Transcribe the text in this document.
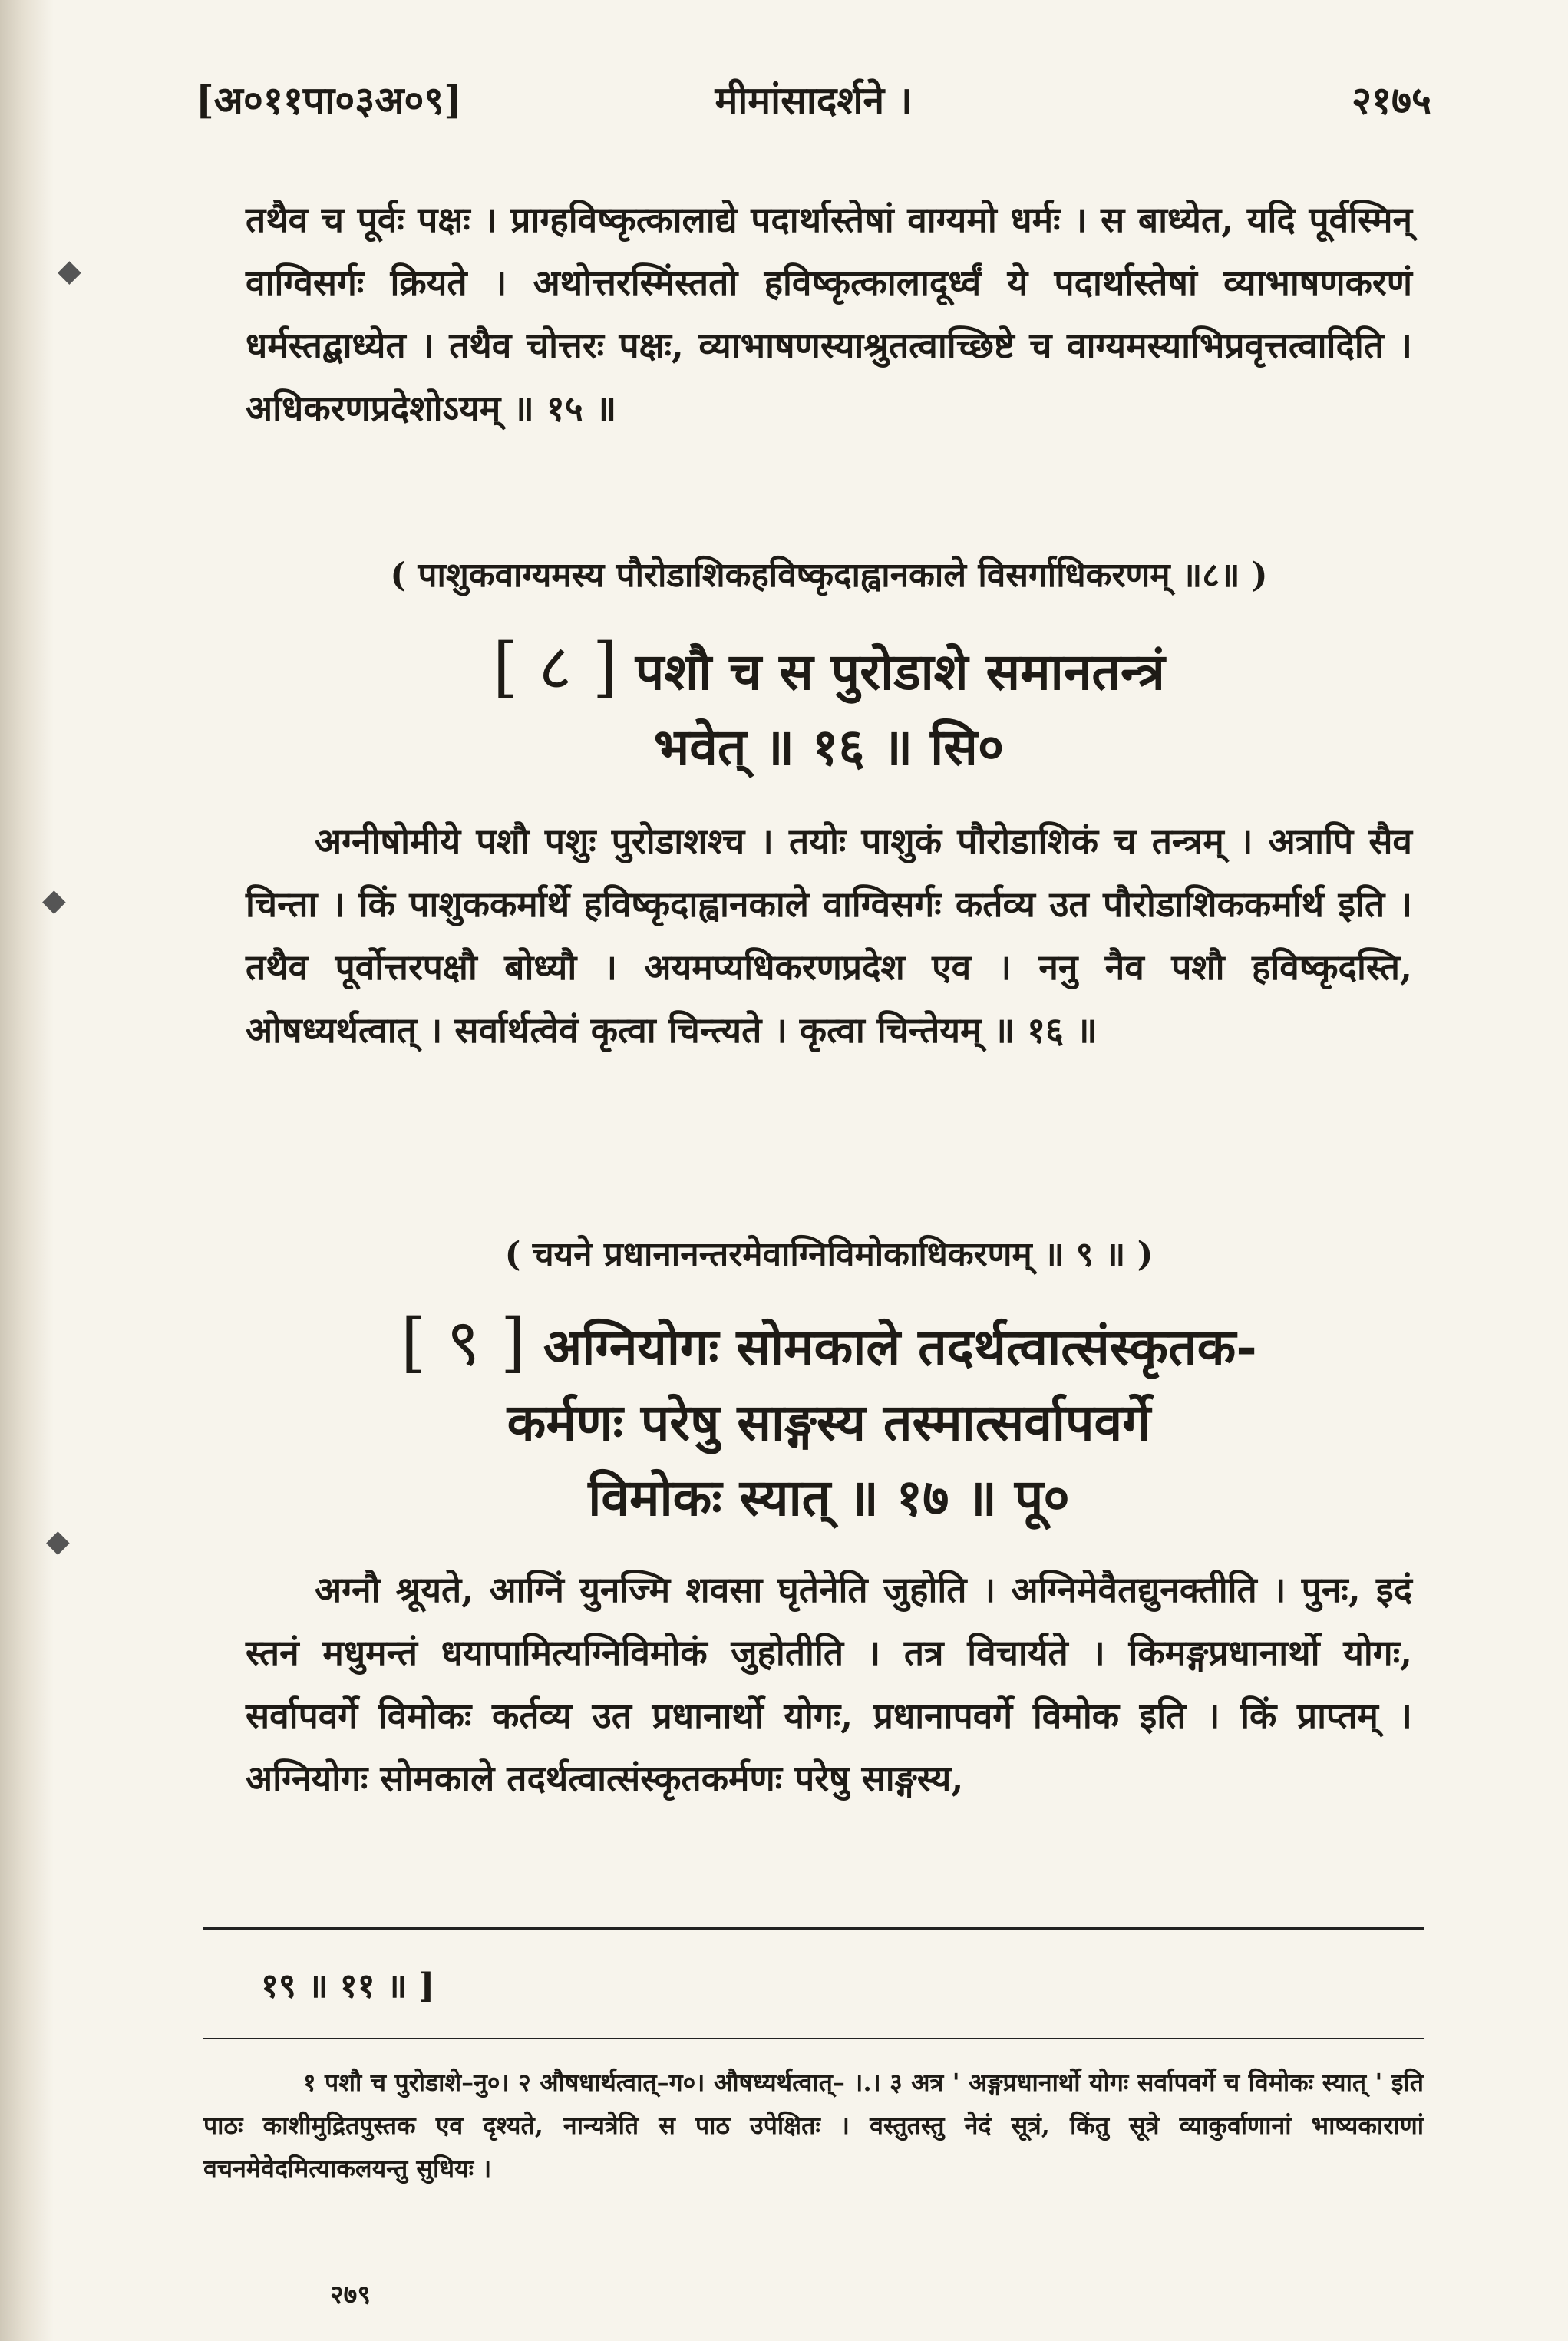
◆
◆
◆
[अ०११पा०३अ०९]	मीमांसादर्शने ।	२१७५

तथैव च पूर्वः पक्षः । प्राग्हविष्कृत्कालाद्ये पदार्थास्तेषां वाग्यमो धर्मः । स बाध्येत, यदि पूर्वस्मिन् वाग्विसर्गः क्रियते । अथोत्तरस्मिंस्ततो हविष्कृत्कालादूर्ध्वं ये पदार्थास्तेषां व्याभाषणकरणं धर्मस्तद्बाध्येत । तथैव चोत्तरः पक्षः, व्याभाषणस्याश्रुतत्वाच्छिष्टे च वाग्यमस्याभिप्रवृत्तत्वादिति । अधिकरणप्रदेशोऽयम् ॥ १५ ॥

( पाशुकवाग्यमस्य पौरोडाशिकहविष्कृदाह्वानकाले विसर्गाधिकरणम् ॥८॥ )

[ ८ ] पशौ च स पुरोडाशे समानतन्त्रं

भवेत् ॥ १६ ॥ सि०

अग्नीषोमीये पशौ पशुः पुरोडाशश्च । तयोः पाशुकं पौरोडाशिकं च तन्त्रम् । अत्रापि सैव चिन्ता । किं पाशुककर्मार्थे हविष्कृदाह्वानकाले वाग्विसर्गः कर्तव्य उत पौरोडाशिककर्मार्थ इति । तथैव पूर्वोत्तरपक्षौ बोध्यौ । अयमप्यधिकरणप्रदेश एव । ननु नैव पशौ हविष्कृदस्ति, ओषध्यर्थत्वात् । सर्वार्थत्वेवं कृत्वा चिन्त्यते । कृत्वा चिन्तेयम् ॥ १६ ॥

( चयने प्रधानानन्तरमेवाग्निविमोकाधिकरणम् ॥ ९ ॥ )

[ ९ ] अग्नियोगः सोमकाले तदर्थत्वात्संस्कृतक-

कर्मणः परेषु साङ्गस्य तस्मात्सर्वापवर्गे

विमोकः स्यात् ॥ १७ ॥ पू०

अग्नौ श्रूयते, आग्निं युनज्मि शवसा घृतेनेति जुहोति । अग्निमेवैतद्युनक्तीति । पुनः, इदं स्तनं मधुमन्तं धयापामित्यग्निविमोकं जुहोतीति । तत्र विचार्यते । किमङ्गप्रधानार्थो योगः, सर्वापवर्गे विमोकः कर्तव्य उत प्रधानार्थो योगः, प्रधानापवर्गे विमोक इति । किं प्राप्तम् । अग्नियोगः सोमकाले तदर्थत्वात्संस्कृतकर्मणः परेषु साङ्गस्य,

१९ ॥ ११ ॥ ]

१ पशौ च पुरोडाशे–नु०। २ औषधार्थत्वात्–ग०। औषध्यर्थत्वात्– ।.। ३ अत्र ' अङ्गप्रधानार्थो योगः सर्वापवर्गे च विमोकः स्यात् ' इति पाठः काशीमुद्रितपुस्तक एव दृश्यते, नान्यत्रेति स पाठ उपेक्षितः । वस्तुतस्तु नेदं सूत्रं, किंतु सूत्रे व्याकुर्वाणानां भाष्यकाराणां वचनमेवेदमित्याकलयन्तु सुधियः ।

२७९
